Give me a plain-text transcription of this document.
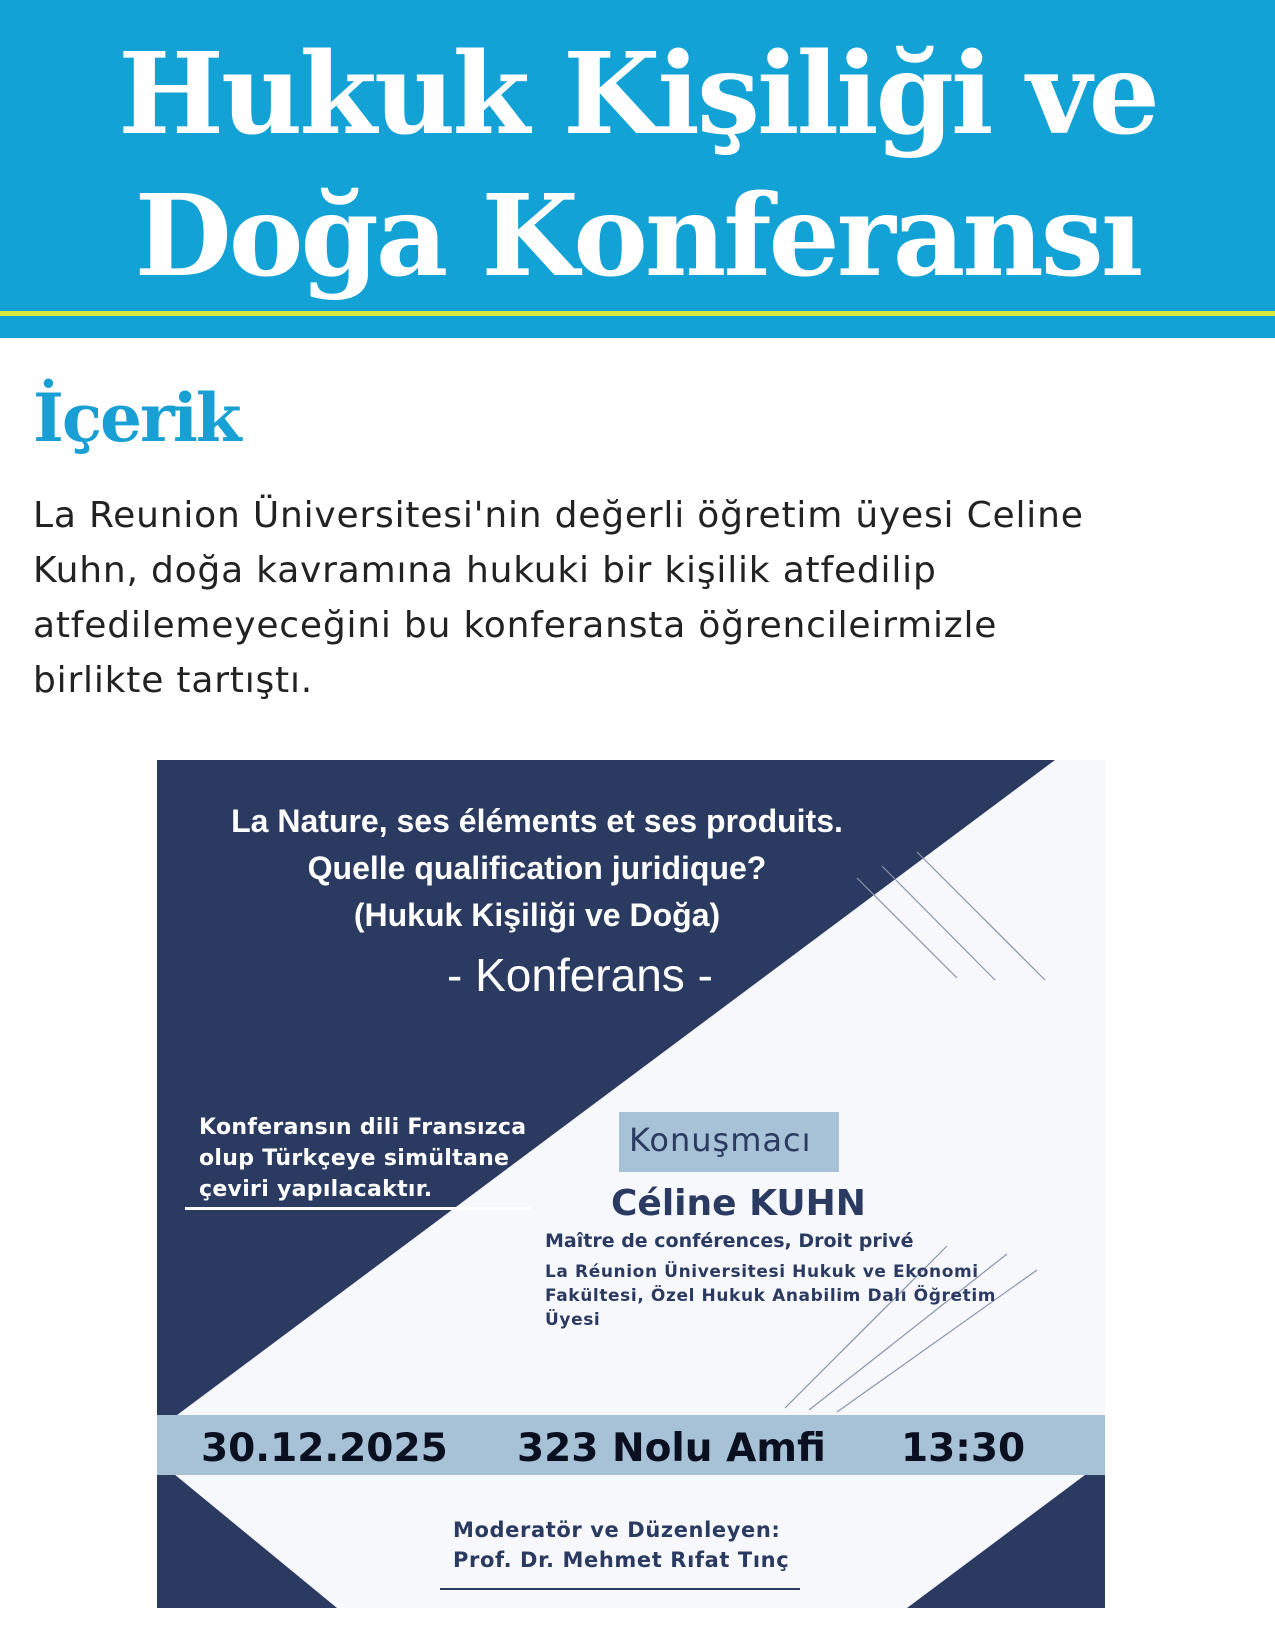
Hukuk Kişiliği ve
Doğa Konferansı
İçerik
La Reunion Üniversitesi'nin değerli öğretim üyesi Celine
Kuhn, doğa kavramına hukuki bir kişilik atfedilip
atfedilemeyeceğini bu konferansta öğrencileirmizle
birlikte tartıştı.
La Nature, ses éléments et ses produits.
Quelle qualification juridique?
(Hukuk Kişiliği ve Doğa)
- Konferans -
Konferansın dili Fransızca
olup Türkçeye simültane
çeviri yapılacaktır.
Konuşmacı
Céline KUHN
Maître de conférences, Droit privé
La Réunion Üniversitesi Hukuk ve Ekonomi
Fakültesi, Özel Hukuk Anabilim Dalı Öğretim
Üyesi
30.12.2025 323 Nolu Amfi 13:30
Moderatör ve Düzenleyen:
Prof. Dr. Mehmet Rıfat Tınç
